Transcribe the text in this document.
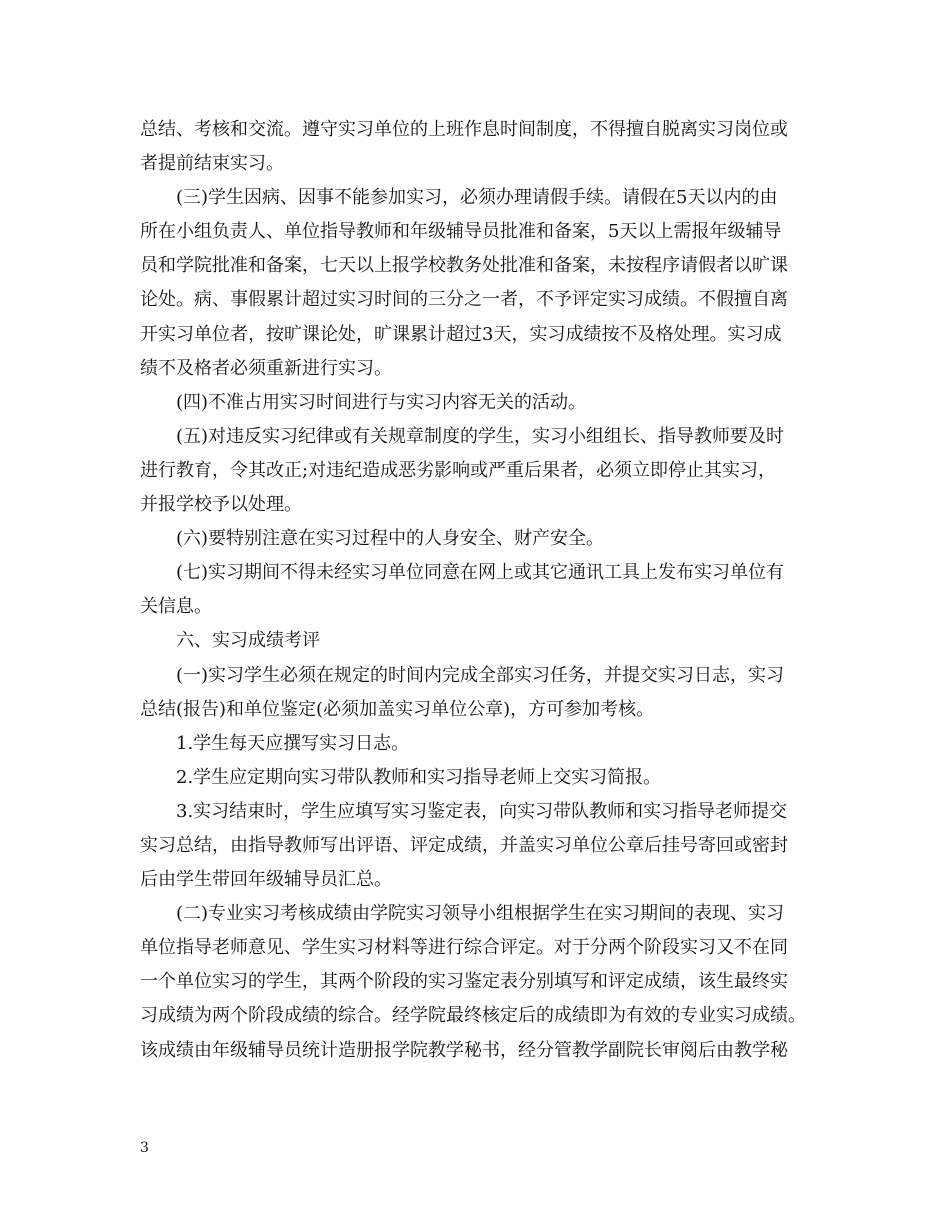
总结、考核和交流。遵守实习单位的上班作息时间制度，不得擅自脱离实习岗位或
者提前结束实习。
(三)学生因病、因事不能参加实习，必须办理请假手续。请假在5天以内的由
所在小组负责人、单位指导教师和年级辅导员批准和备案，5天以上需报年级辅导
员和学院批准和备案，七天以上报学校教务处批准和备案，未按程序请假者以旷课
论处。病、事假累计超过实习时间的三分之一者，不予评定实习成绩。不假擅自离
开实习单位者，按旷课论处，旷课累计超过3天，实习成绩按不及格处理。实习成
绩不及格者必须重新进行实习。
(四)不准占用实习时间进行与实习内容无关的活动。
(五)对违反实习纪律或有关规章制度的学生，实习小组组长、指导教师要及时
进行教育，令其改正;对违纪造成恶劣影响或严重后果者，必须立即停止其实习，
并报学校予以处理。
(六)要特别注意在实习过程中的人身安全、财产安全。
(七)实习期间不得未经实习单位同意在网上或其它通讯工具上发布实习单位有
关信息。
六、实习成绩考评
(一)实习学生必须在规定的时间内完成全部实习任务，并提交实习日志，实习
总结(报告)和单位鉴定(必须加盖实习单位公章)，方可参加考核。
1.学生每天应撰写实习日志。
2.学生应定期向实习带队教师和实习指导老师上交实习简报。
3.实习结束时，学生应填写实习鉴定表，向实习带队教师和实习指导老师提交
实习总结，由指导教师写出评语、评定成绩，并盖实习单位公章后挂号寄回或密封
后由学生带回年级辅导员汇总。
(二)专业实习考核成绩由学院实习领导小组根据学生在实习期间的表现、实习
单位指导老师意见、学生实习材料等进行综合评定。对于分两个阶段实习又不在同
一个单位实习的学生，其两个阶段的实习鉴定表分别填写和评定成绩，该生最终实
习成绩为两个阶段成绩的综合。经学院最终核定后的成绩即为有效的专业实习成绩。
该成绩由年级辅导员统计造册报学院教学秘书，经分管教学副院长审阅后由教学秘
3
